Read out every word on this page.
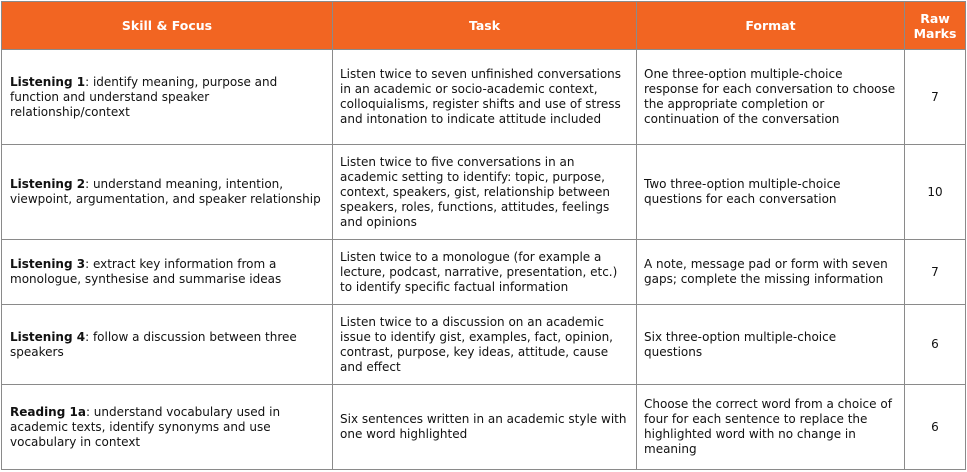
Skill & Focus	Task	Format	Raw Marks
Listening 1: identify meaning, purpose and function and understand speaker relationship/context	Listen twice to seven unfinished conversations in an academic or socio-academic context, colloquialisms, register shifts and use of stress and intonation to indicate attitude included	One three-option multiple-choice response for each conversation to choose the appropriate completion or continuation of the conversation	7
Listening 2: understand meaning, intention, viewpoint, argumentation, and speaker relationship	Listen twice to five conversations in an academic setting to identify: topic, purpose, context, speakers, gist, relationship between speakers, roles, functions, attitudes, feelings and opinions	Two three-option multiple-choice questions for each conversation	10
Listening 3: extract key information from a monologue, synthesise and summarise ideas	Listen twice to a monologue (for example a lecture, podcast, narrative, presentation, etc.) to identify specific factual information	A note, message pad or form with seven gaps; complete the missing information	7
Listening 4: follow a discussion between three speakers	Listen twice to a discussion on an academic issue to identify gist, examples, fact, opinion, contrast, purpose, key ideas, attitude, cause and effect	Six three-option multiple-choice questions	6
Reading 1a: understand vocabulary used in academic texts, identify synonyms and use vocabulary in context	Six sentences written in an academic style with one word highlighted	Choose the correct word from a choice of four for each sentence to replace the highlighted word with no change in meaning	6
